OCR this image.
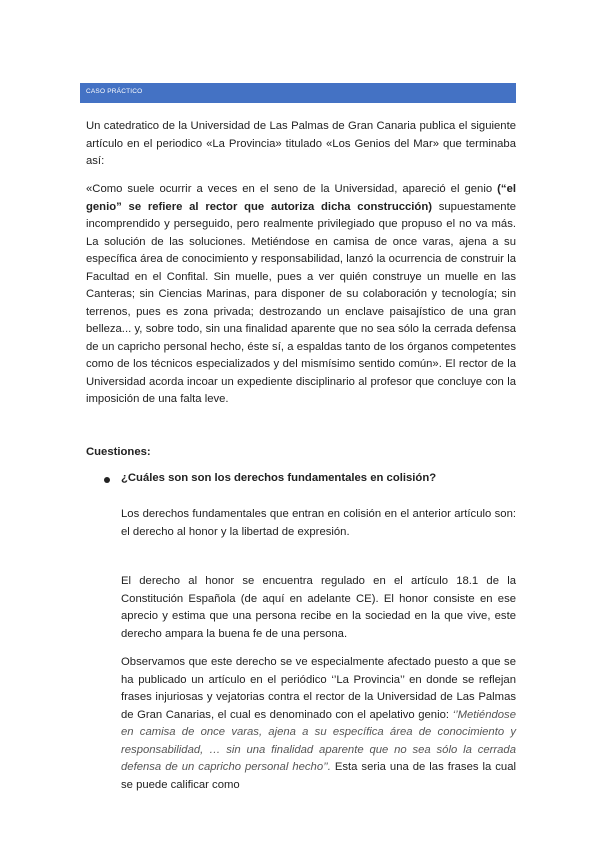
CASO PRÁCTICO

Un catedratico de la Universidad de Las Palmas de Gran Canaria publica el siguiente artículo en el periodico «La Provincia» titulado «Los Genios del Mar» que terminaba así:

«Como suele ocurrir a veces en el seno de la Universidad, apareció el genio (“el genio” se refiere al rector que autoriza dicha construcción) supuestamente incomprendido y perseguido, pero realmente privilegiado que propuso el no va más. La solución de las soluciones. Metiéndose en camisa de once varas, ajena a su específica área de conocimiento y responsabilidad, lanzó la ocurrencia de construir la Facultad en el Confital. Sin muelle, pues a ver quién construye un muelle en las Canteras; sin Ciencias Marinas, para disponer de su colaboración y tecnología; sin terrenos, pues es zona privada; destrozando un enclave paisajístico de una gran belleza... y, sobre todo, sin una finalidad aparente que no sea sólo la cerrada defensa de un capricho personal hecho, éste sí, a espaldas tanto de los órganos competentes como de los técnicos especializados y del mismísimo sentido común». El rector de la Universidad acorda incoar un expediente disciplinario al profesor que concluye con la imposición de una falta leve.

Cuestiones:

¿Cuáles son son los derechos fundamentales en colisión?

Los derechos fundamentales que entran en colisión en el anterior artículo son: el derecho al honor y la libertad de expresión.

El derecho al honor se encuentra regulado en el artículo 18.1 de la Constitución Española (de aquí en adelante CE). El honor consiste en ese aprecio y estima que una persona recibe en la sociedad en la que vive, este derecho ampara la buena fe de una persona.

Observamos que este derecho se ve especialmente afectado puesto a que se ha publicado un artículo en el periódico ‘’La Provincia’’ en donde se reflejan frases injuriosas y vejatorias contra el rector de la Universidad de Las Palmas de Gran Canarias, el cual es denominado con el apelativo genio: ‘’Metiéndose en camisa de once varas, ajena a su específica área de conocimiento y responsabilidad, … sin una finalidad aparente que no sea sólo la cerrada defensa de un capricho personal hecho’’. Esta seria una de las frases la cual se puede calificar como
